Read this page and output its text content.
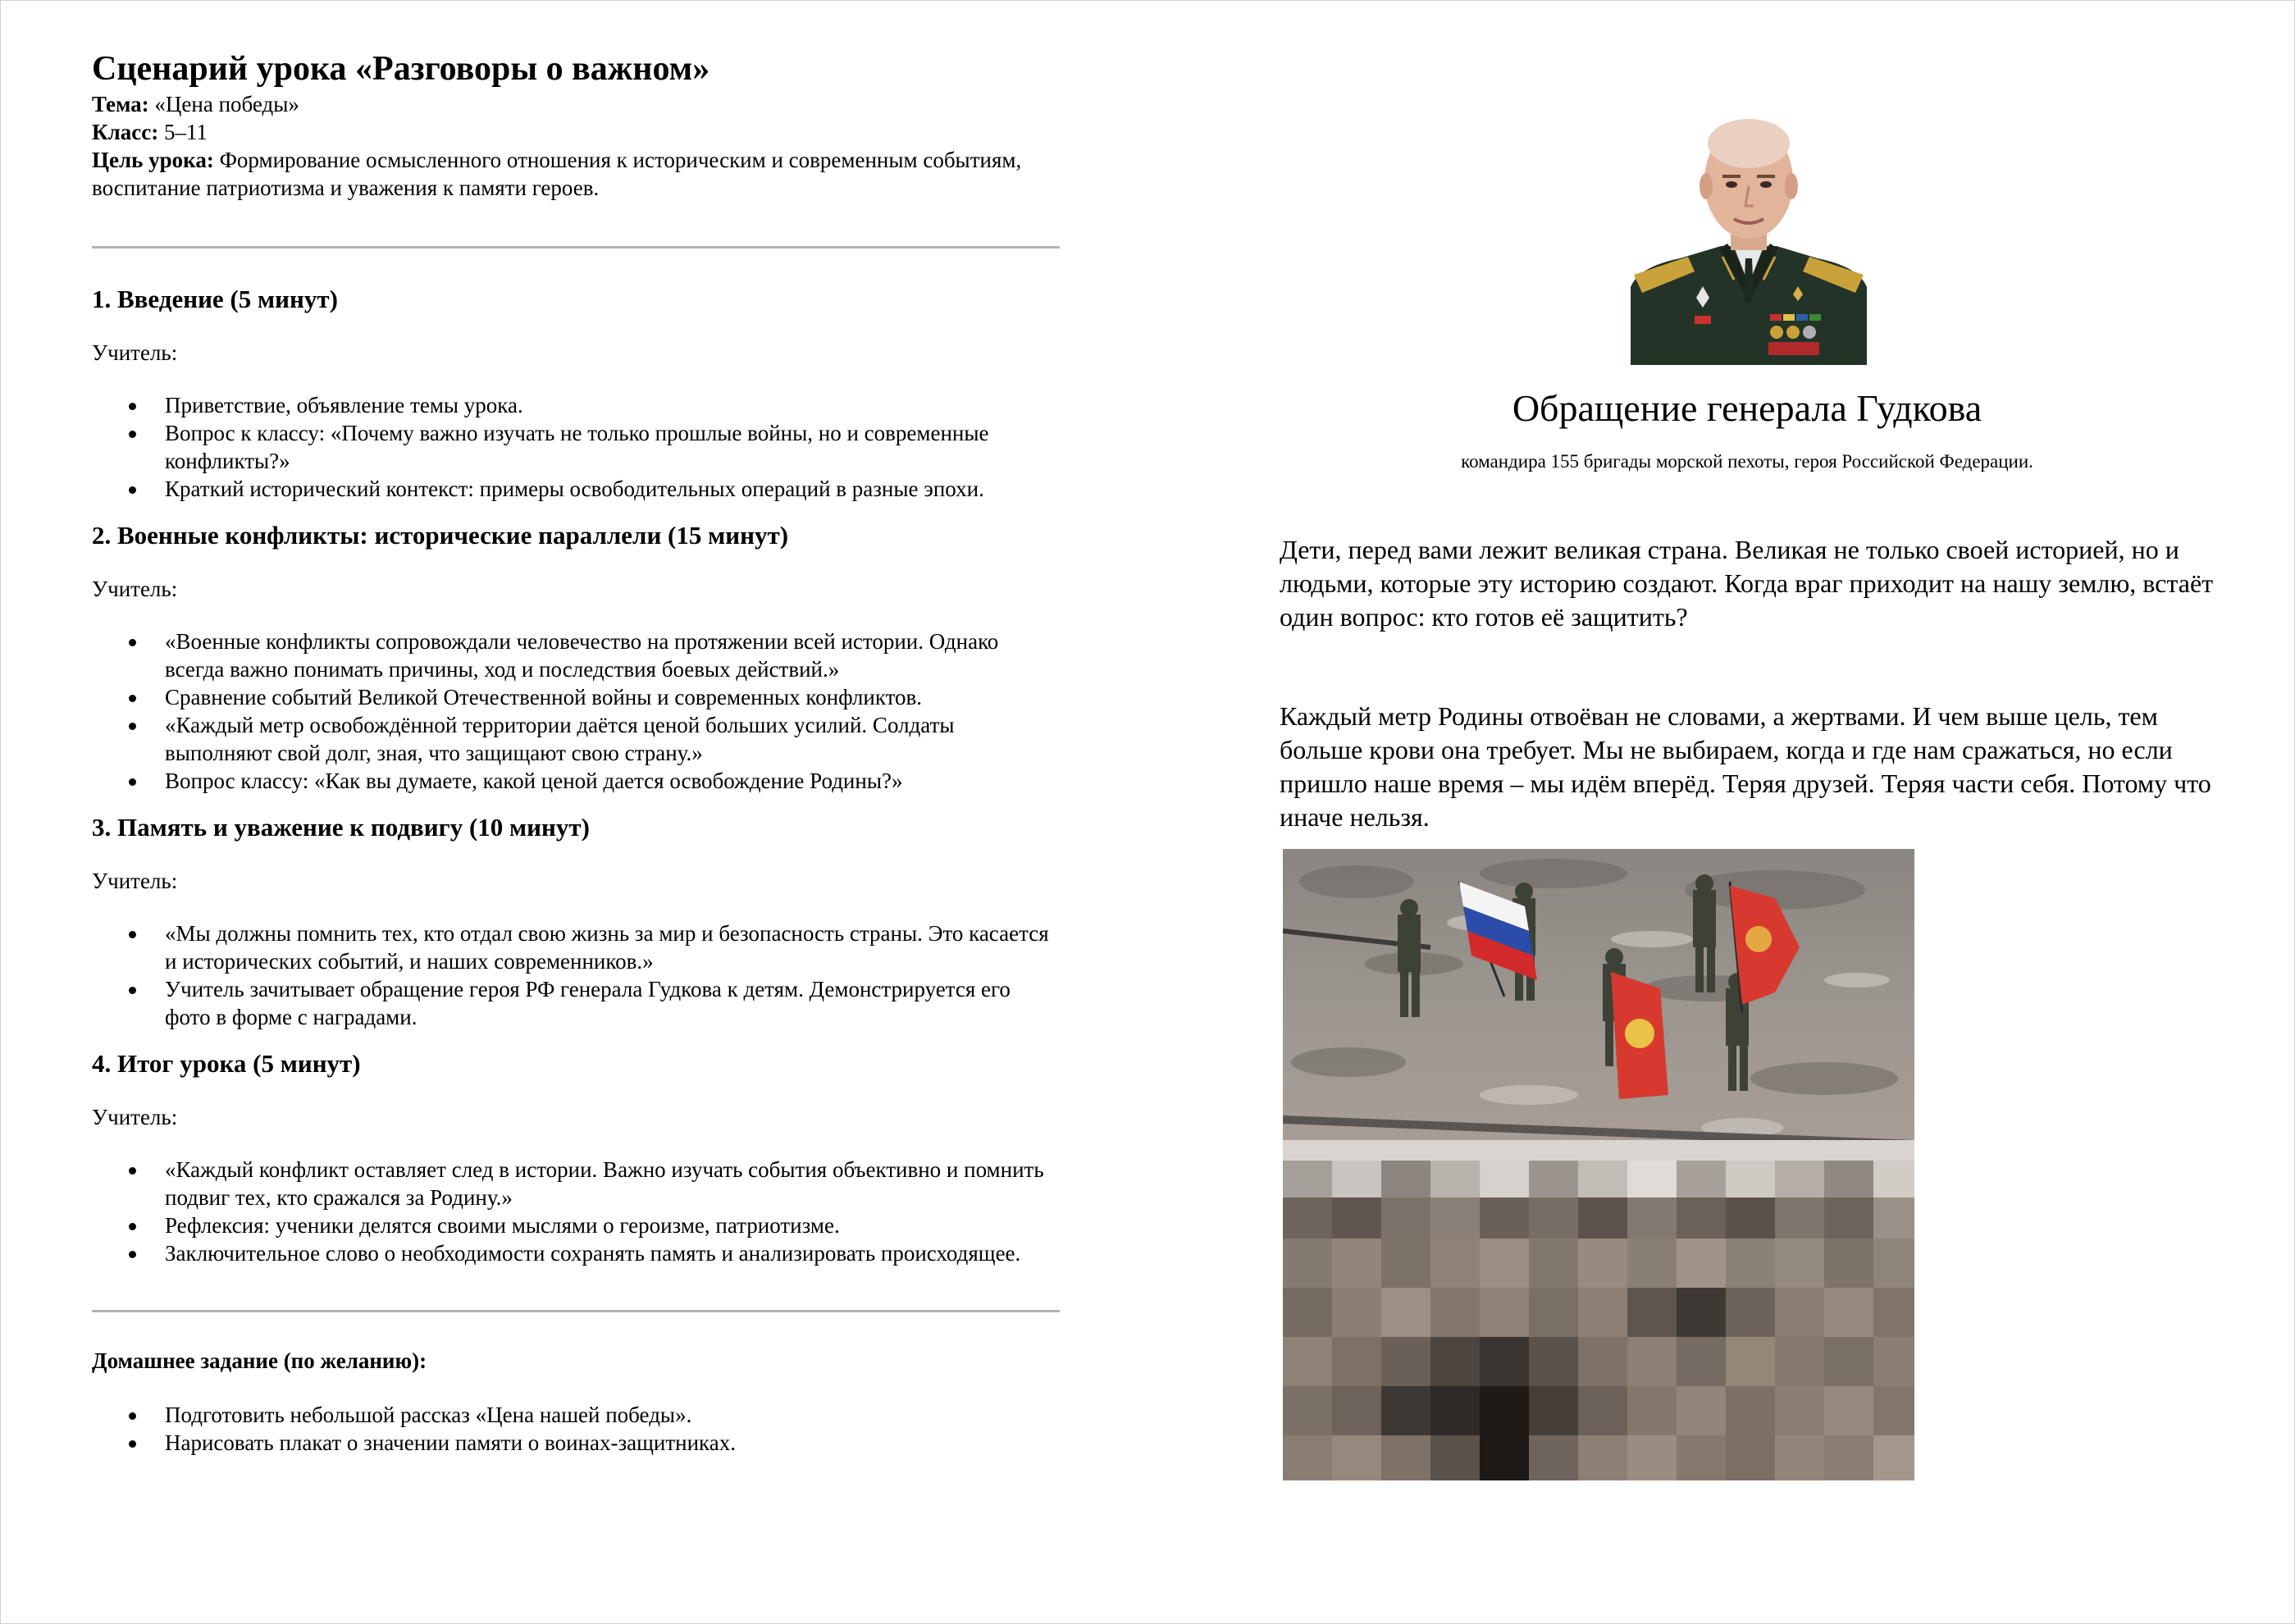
Сценарий урока «Разговоры о важном»
Тема: «Цена победы»
Класс: 5–11
Цель урока: Формирование осмысленного отношения к историческим и современным событиям, воспитание патриотизма и уважения к памяти героев.
1. Введение (5 минут)

Учитель:

Приветствие, объявление темы урока.
Вопрос к классу: «Почему важно изучать не только прошлые войны, но и современные конфликты?»
Краткий исторический контекст: примеры освободительных операций в разные эпохи.
2. Военные конфликты: исторические параллели (15 минут)

Учитель:

«Военные конфликты сопровождали человечество на протяжении всей истории. Однако всегда важно понимать причины, ход и последствия боевых действий.»
Сравнение событий Великой Отечественной войны и современных конфликтов.
«Каждый метр освобождённой территории даётся ценой больших усилий. Солдаты выполняют свой долг, зная, что защищают свою страну.»
Вопрос классу: «Как вы думаете, какой ценой дается освобождение Родины?»
3. Память и уважение к подвигу (10 минут)

Учитель:

«Мы должны помнить тех, кто отдал свою жизнь за мир и безопасность страны. Это касается и исторических событий, и наших современников.»
Учитель зачитывает обращение героя РФ генерала Гудкова к детям. Демонстрируется его фото в форме с наградами.
4. Итог урока (5 минут)

Учитель:

«Каждый конфликт оставляет след в истории. Важно изучать события объективно и помнить подвиг тех, кто сражался за Родину.»
Рефлексия: ученики делятся своими мыслями о героизме, патриотизме.
Заключительное слово о необходимости сохранять память и анализировать происходящее.
Домашнее задание (по желанию):
Подготовить небольшой рассказ «Цена нашей победы».
Нарисовать плакат о значении памяти о воинах-защитниках.
Обращение генерала Гудкова
командира 155 бригады морской пехоты, героя Российской Федерации.

Дети, перед вами лежит великая страна. Великая не только своей историей, но и людьми, которые эту историю создают. Когда враг приходит на нашу землю, встаёт один вопрос: кто готов её защитить?

Каждый метр Родины отвоёван не словами, а жертвами. И чем выше цель, тем больше крови она требует. Мы не выбираем, когда и где нам сражаться, но если пришло наше время – мы идём вперёд. Теряя друзей. Теряя части себя. Потому что иначе нельзя.
